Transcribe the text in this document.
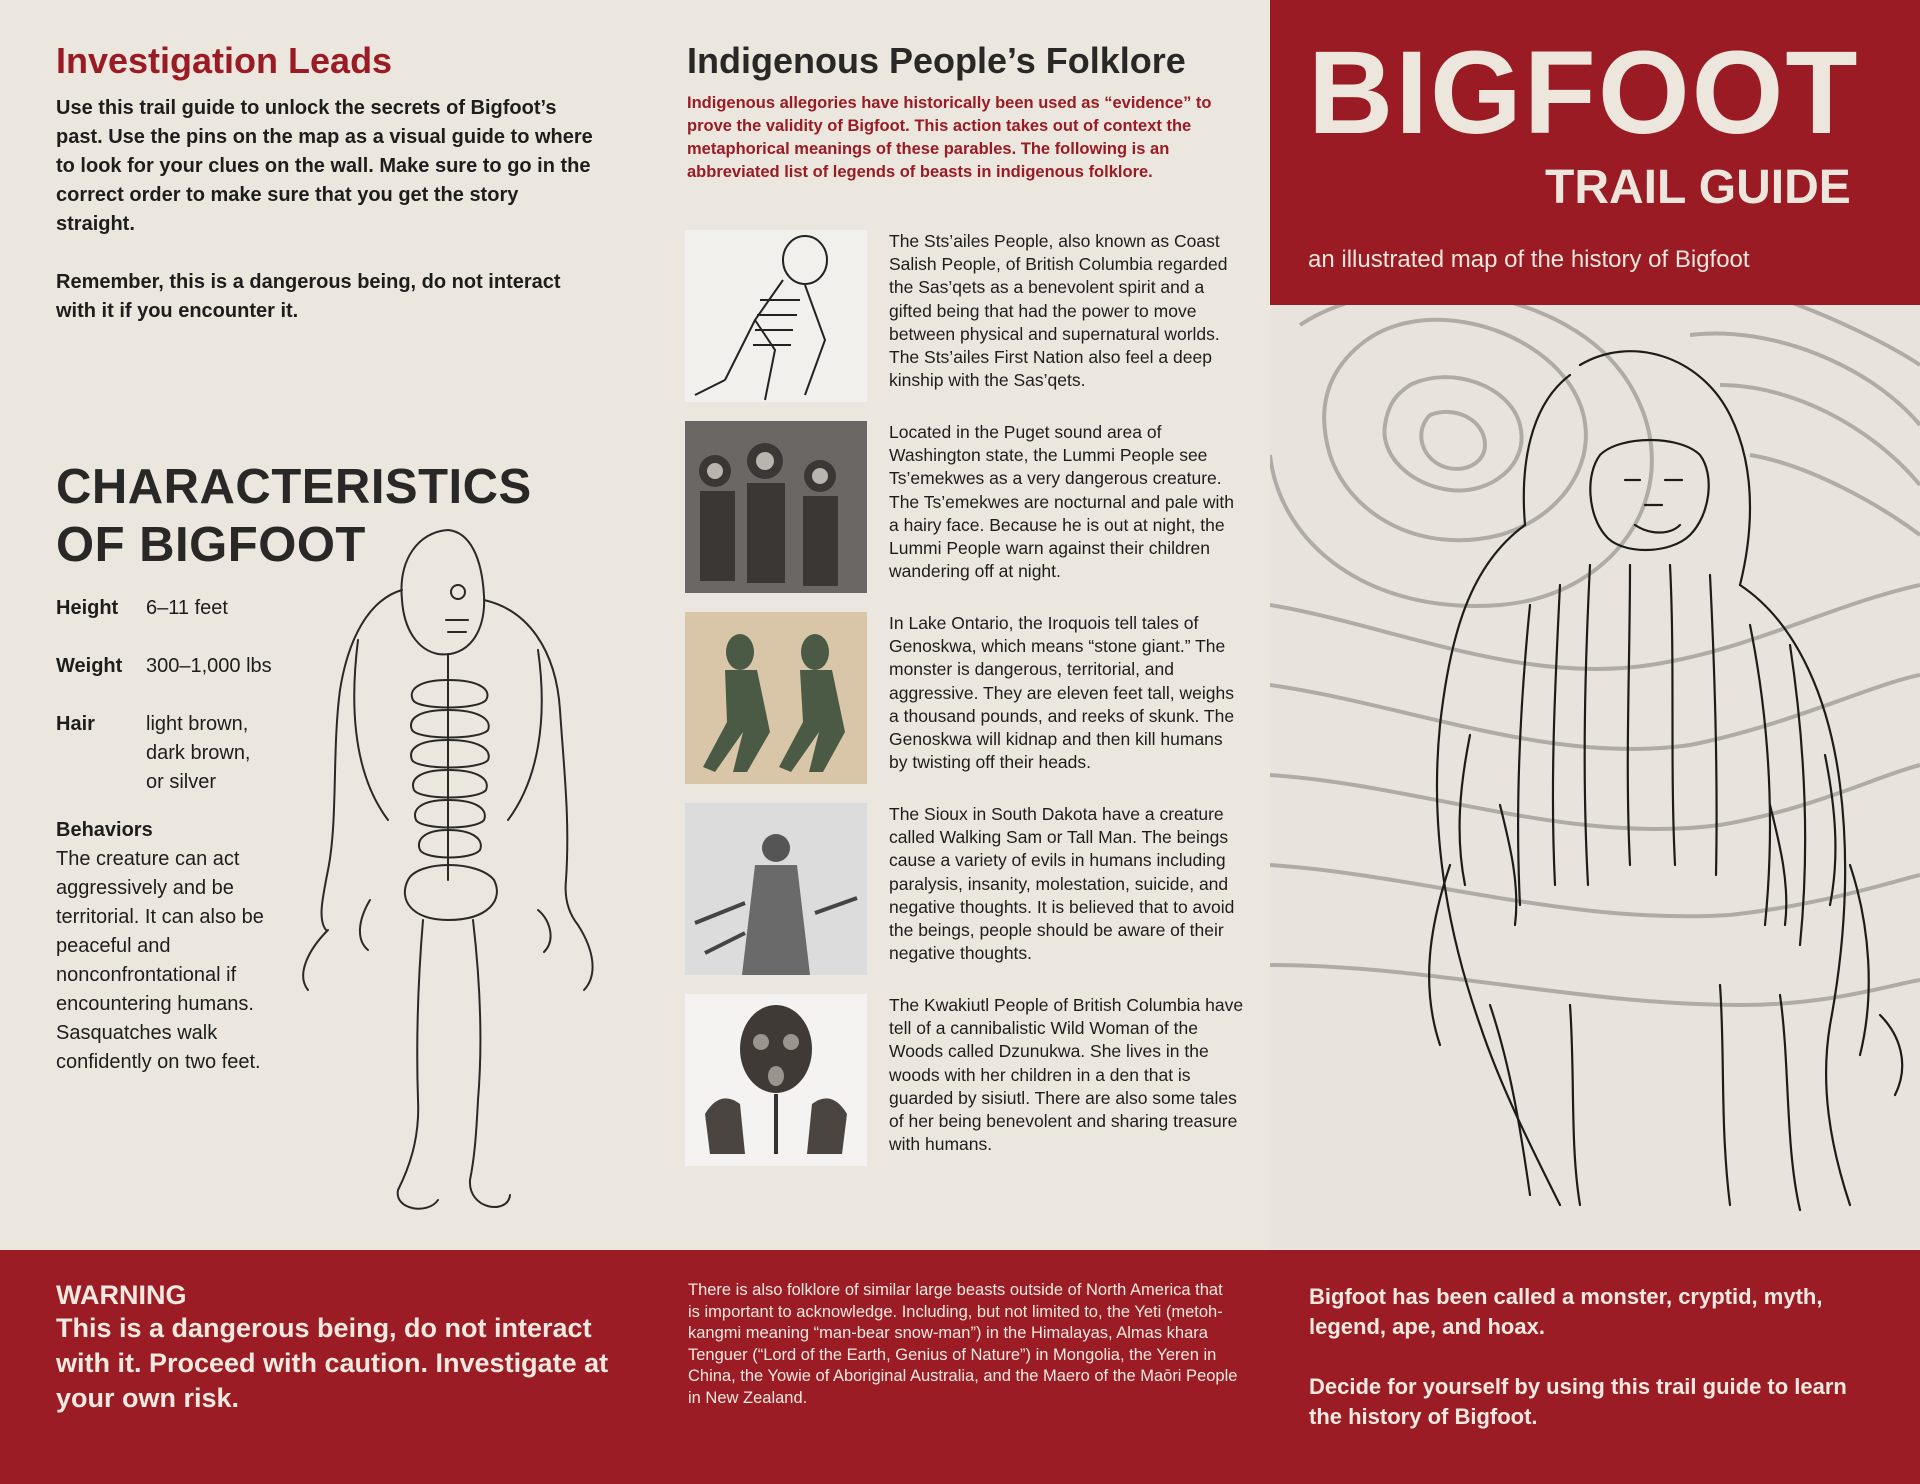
Investigation Leads

Use this trail guide to unlock the secrets of Bigfoot’s past. Use the pins on the map as a visual guide to where to look for your clues on the wall. Make sure to go in the correct order to make sure that you get the story straight.

Remember, this is a dangerous being, do not interact with it if you encounter it.

CHARACTERISTICS
OF BIGFOOT
Height	6–11 feet
Weight	300–1,000 lbs
Hair	light brown,
dark brown,
or silver
Behaviors
The creature can act aggressively and be territorial. It can also be peaceful and nonconfrontational if encountering humans. Sasquatches walk confidently on two feet.
Indigenous People’s Folklore
Indigenous allegories have historically been used as “evidence” to prove the validity of Bigfoot. This action takes out of context the metaphorical meanings of these parables. The following is an abbreviated list of legends of beasts in indigenous folklore.
The Sts’ailes People, also known as Coast Salish People, of British Columbia regarded the Sas’qets as a benevolent spirit and a gifted being that had the power to move between physical and supernatural worlds. The Sts’ailes First Nation also feel a deep kinship with the Sas’qets.
Located in the Puget sound area of Washington state, the Lummi People see Ts’emekwes as a very dangerous creature. The Ts’emekwes are nocturnal and pale with a hairy face. Because he is out at night, the Lummi People warn against their children wandering off at night.
In Lake Ontario, the Iroquois tell tales of Genoskwa, which means “stone giant.” The monster is dangerous, territorial, and aggressive. They are eleven feet tall, weighs a thousand pounds, and reeks of skunk. The Genoskwa will kidnap and then kill humans by twisting off their heads.
The Sioux in South Dakota have a creature called Walking Sam or Tall Man. The beings cause a variety of evils in humans including paralysis, insanity, molestation, suicide, and negative thoughts. It is believed that to avoid the beings, people should be aware of their negative thoughts.
The Kwakiutl People of British Columbia have tell of a cannibalistic Wild Woman of the Woods called Dzunukwa. She lives in the woods with her children in a den that is guarded by sisiutl. There are also some tales of her being benevolent and sharing treasure with humans.
BIGFOOT
TRAIL GUIDE
an illustrated map of the history of Bigfoot
WARNING
This is a dangerous being, do not interact with it. Proceed with caution. Investigate at your own risk.
There is also folklore of similar large beasts outside of North America that is important to acknowledge. Including, but not limited to, the Yeti (metoh-kangmi meaning “man-bear snow-man”) in the Himalayas, Almas khara Tenguer (“Lord of the Earth, Genius of Nature”) in Mongolia, the Yeren in China, the Yowie of Aboriginal Australia, and the Maero of the Maōri People in New Zealand.

Bigfoot has been called a monster, cryptid, myth, legend, ape, and hoax.

Decide for yourself by using this trail guide to learn the history of Bigfoot.
